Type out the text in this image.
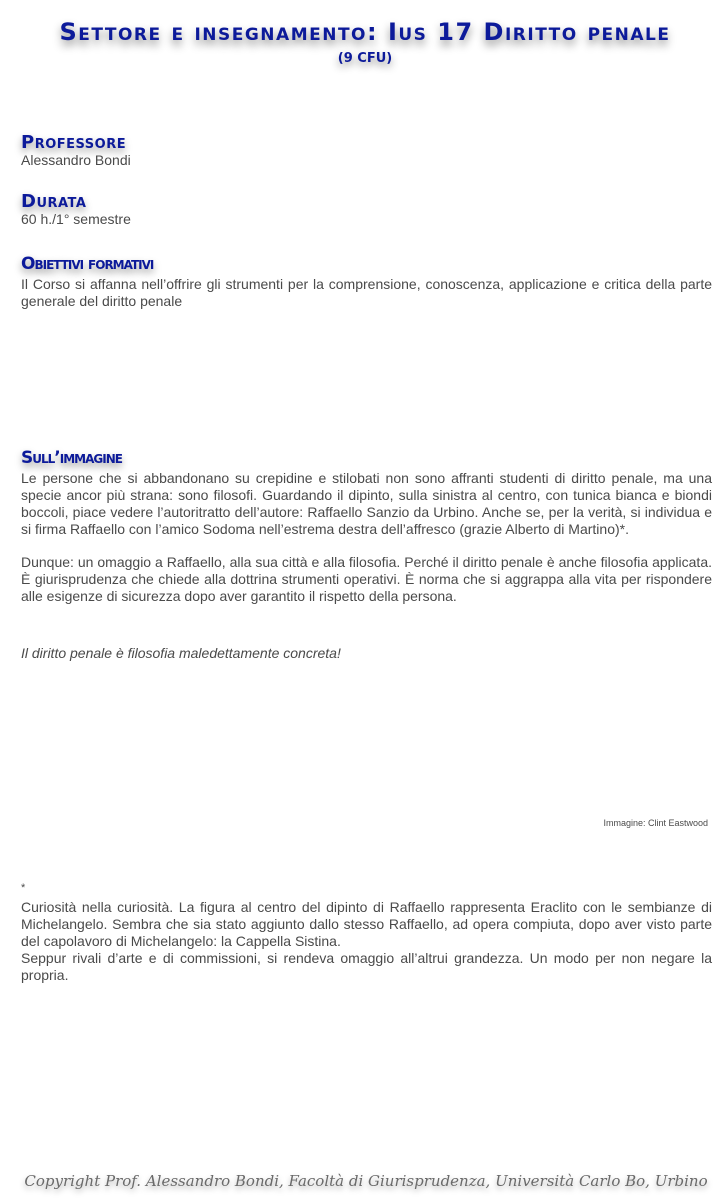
Settore e insegnamento: Ius 17 Diritto penale
(9 CFU)
Professore
Alessandro Bondi
Durata
60 h./1° semestre
Obiettivi formativi
Il Corso si affanna nell’offrire gli strumenti per la comprensione, conoscenza, applicazione e critica della parte generale del diritto penale
Sull’immagine
Le persone che si abbandonano su crepidine e stilobati non sono affranti studenti di diritto penale, ma una specie ancor più strana: sono filosofi. Guardando il dipinto, sulla sinistra al centro, con tunica bianca e biondi boccoli, piace vedere l’autoritratto dell’autore: Raffaello Sanzio da Urbino. Anche se, per la verità, si individua e si firma Raffaello con l’amico Sodoma nell’estrema destra dell’affresco (grazie Alberto di Martino)*.
Dunque: un omaggio a Raffaello, alla sua città e alla filosofia. Perché il diritto penale è anche filosofia applicata. È giurisprudenza che chiede alla dottrina strumenti operativi. È norma che si aggrappa alla vita per rispondere alle esigenze di sicurezza dopo aver garantito il rispetto della persona.
Il diritto penale è filosofia maledettamente concreta!
Immagine: Clint Eastwood
*
Curiosità nella curiosità. La figura al centro del dipinto di Raffaello rappresenta Eraclito con le sembianze di Michelangelo. Sembra che sia stato aggiunto dallo stesso Raffaello, ad opera compiuta, dopo aver visto parte del capolavoro di Michelangelo: la Cappella Sistina.
Seppur rivali d’arte e di commissioni, si rendeva omaggio all’altrui grandezza. Un modo per non negare la propria.
Copyright Prof. Alessandro Bondi, Facoltà di Giurisprudenza, Università Carlo Bo, Urbino
